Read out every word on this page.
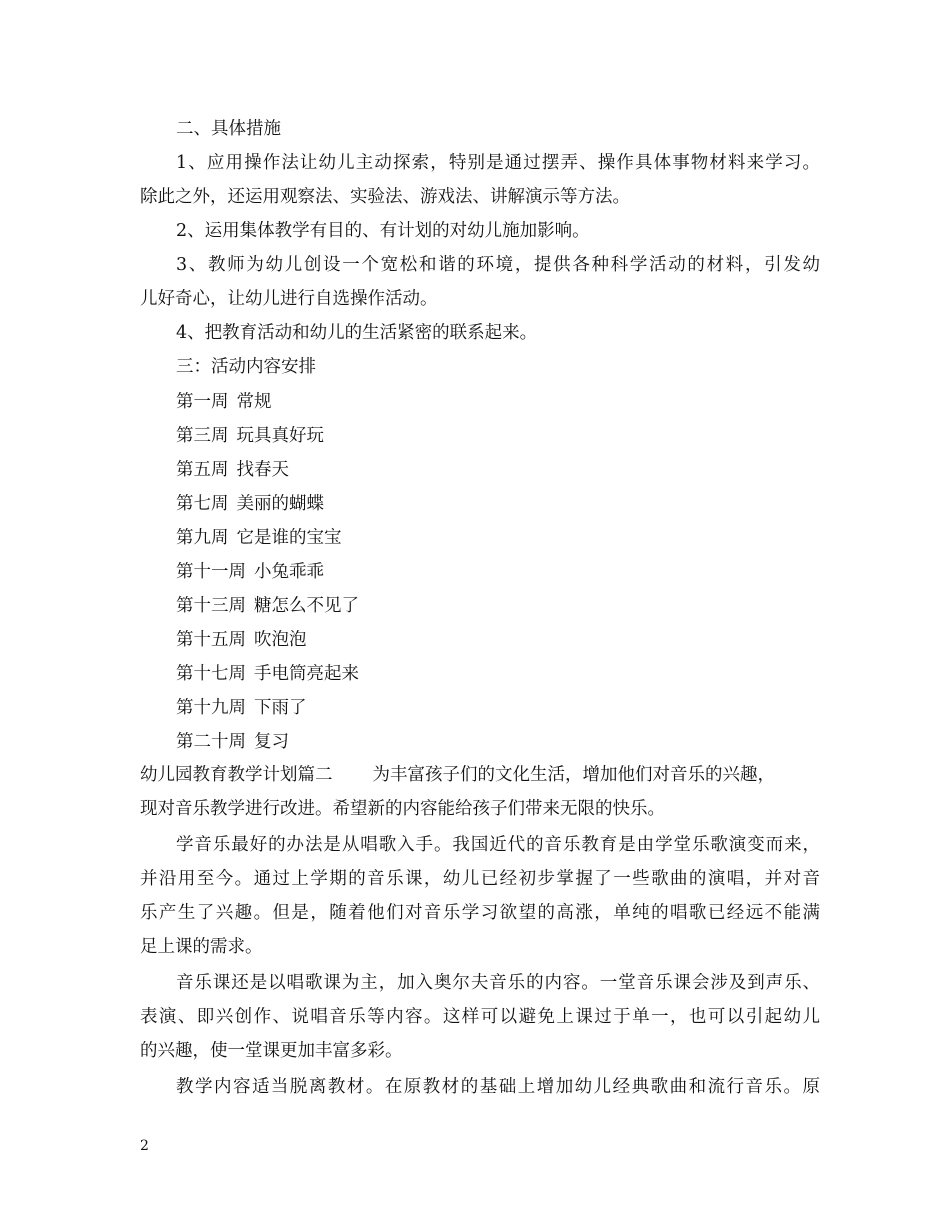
二、具体措施
1、应用操作法让幼儿主动探索，特别是通过摆弄、操作具体事物材料来学习。
除此之外，还运用观察法、实验法、游戏法、讲解演示等方法。
2、运用集体教学有目的、有计划的对幼儿施加影响。
3、教师为幼儿创设一个宽松和谐的环境，提供各种科学活动的材料，引发幼
儿好奇心，让幼儿进行自选操作活动。
4、把教育活动和幼儿的生活紧密的联系起来。
三：活动内容安排
第一周 常规
第三周 玩具真好玩
第五周 找春天
第七周 美丽的蝴蝶
第九周 它是谁的宝宝
第十一周 小兔乖乖
第十三周 糖怎么不见了
第十五周 吹泡泡
第十七周 手电筒亮起来
第十九周 下雨了
第二十周 复习
幼儿园教育教学计划篇二 为丰富孩子们的文化生活，增加他们对音乐的兴趣，
现对音乐教学进行改进。希望新的内容能给孩子们带来无限的快乐。
学音乐最好的办法是从唱歌入手。我国近代的音乐教育是由学堂乐歌演变而来，
并沿用至今。通过上学期的音乐课，幼儿已经初步掌握了一些歌曲的演唱，并对音
乐产生了兴趣。但是，随着他们对音乐学习欲望的高涨，单纯的唱歌已经远不能满
足上课的需求。
音乐课还是以唱歌课为主，加入奥尔夫音乐的内容。一堂音乐课会涉及到声乐、
表演、即兴创作、说唱音乐等内容。这样可以避免上课过于单一，也可以引起幼儿
的兴趣，使一堂课更加丰富多彩。
教学内容适当脱离教材。在原教材的基础上增加幼儿经典歌曲和流行音乐。原
2
